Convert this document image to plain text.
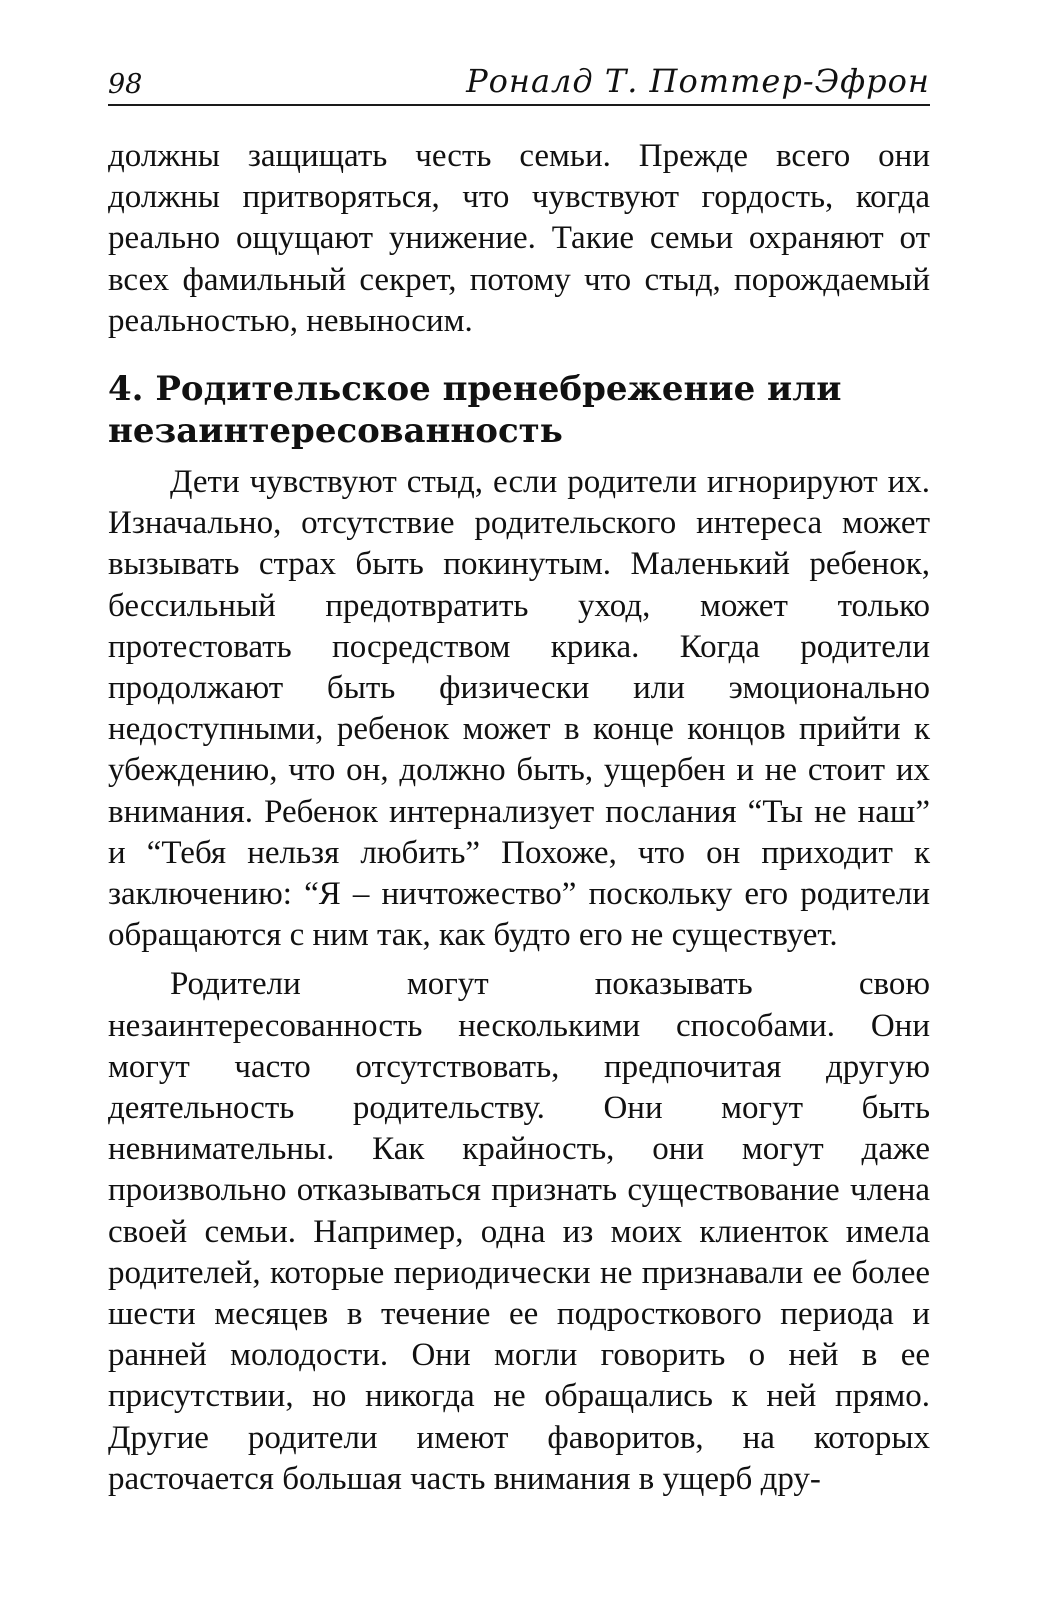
98	Роналд Т. Поттер-Эфрон

должны защищать честь семьи. Прежде всего они должны притворяться, что чувствуют гордость, когда реально ощущают унижение. Такие семьи охраняют от всех фамильный секрет, потому что стыд, порождаемый реальностью, невыносим.

4. Родительское пренебрежение или незаинтересованность

Дети чувствуют стыд, если родители игнорируют их. Изначально, отсутствие родительского интереса может вызывать страх быть покинутым. Маленький ребенок, бессильный предотвратить уход, может только протестовать посредством крика. Когда родители продолжают быть физически или эмоционально недоступными, ребенок может в конце концов прийти к убеждению, что он, должно быть, ущербен и не стоит их внимания. Ребенок интернализует послания “Ты не наш” и “Тебя нельзя любить” Похоже, что он приходит к заключению: “Я – ничтожество” поскольку его родители обращаются с ним так, как будто его не существует.

Родители могут показывать свою незаинтересованность несколькими способами. Они могут часто отсутствовать, предпочитая другую деятельность родительству. Они могут быть невнимательны. Как крайность, они могут даже произвольно отказываться признать существование члена своей семьи. Например, одна из моих клиенток имела родителей, которые периодически не признавали ее более шести месяцев в течение ее подросткового периода и ранней молодости. Они могли говорить о ней в ее присутствии, но никогда не обращались к ней прямо. Другие родители имеют фаворитов, на которых расточается большая часть внимания в ущерб дру-
